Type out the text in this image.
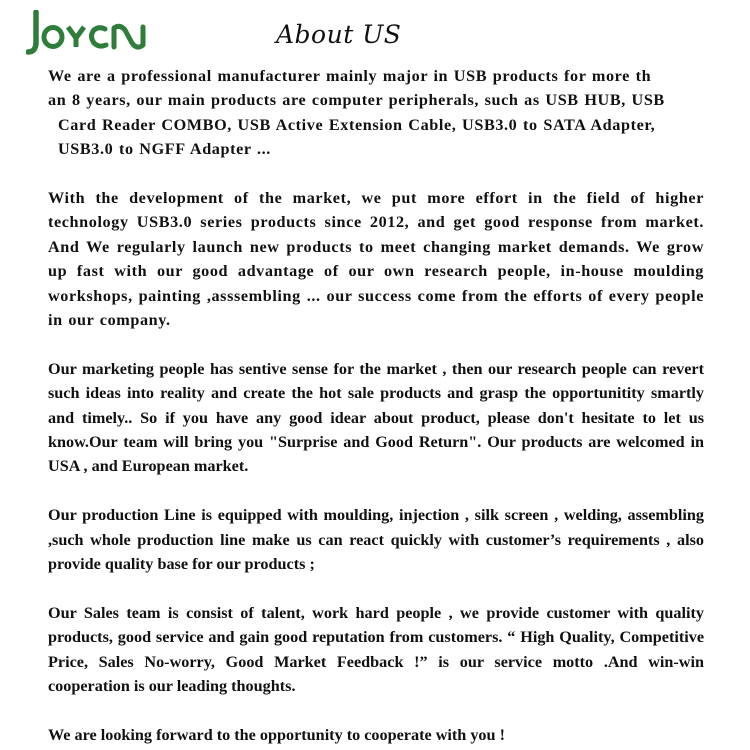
About US

We are a professional manufacturer mainly major in USB products for more th
an 8 years, our main products are computer peripherals, such as USB HUB, USB
Card Reader COMBO, USB Active Extension Cable, USB3.0 to SATA Adapter,
USB3.0 to NGFF Adapter ...

With the development of the market, we put more effort in the field of higher technology USB3.0 series products since 2012, and get good response from market. And We regularly launch new products to meet changing market demands. We grow up fast with our good advantage of our own research people, in-house moulding workshops, painting ,asssembling ... our success come from the efforts of every people in our company.

Our marketing people has sentive sense for the market , then our research people can revert such ideas into reality and create the hot sale products and grasp the opportunitity smartly and timely.. So if you have any good idear about product, please don't hesitate to let us know.Our team will bring you "Surprise and Good Return". Our products are welcomed in USA , and European market.

Our production Line is equipped with moulding, injection , silk screen , welding, assembling ,such whole production line make us can react quickly with customer’s requirements , also provide quality base for our products ;

Our Sales team is consist of talent, work hard people , we provide customer with quality products, good service and gain good reputation from customers. “ High Quality, Competitive Price, Sales No-worry, Good Market Feedback !” is our service motto .And win-win cooperation is our leading thoughts.

We are looking forward to the opportunity to cooperate with you !
